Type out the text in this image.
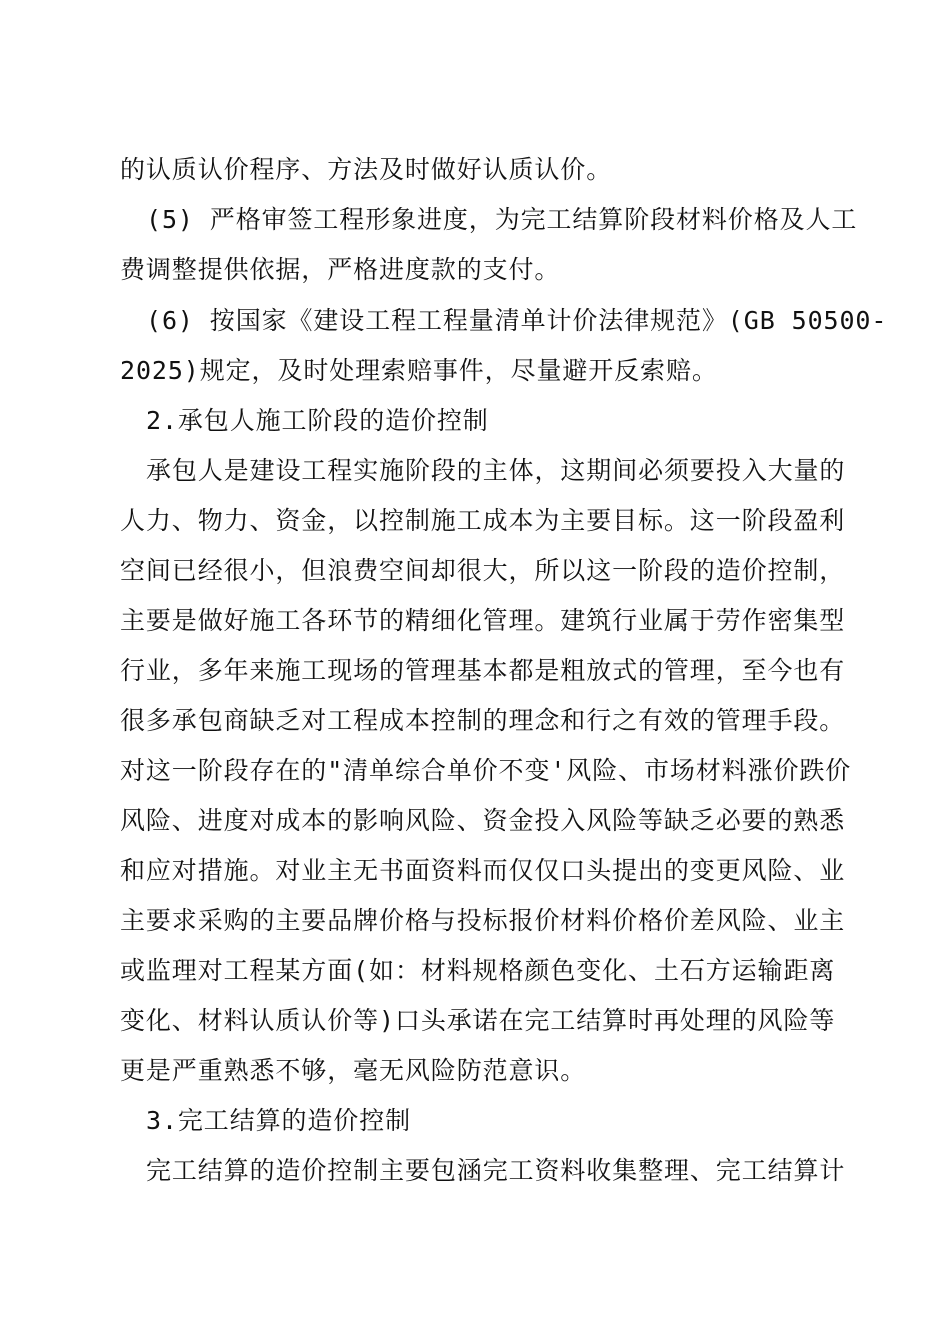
的认质认价程序、方法及时做好认质认价。
(5) 严格审签工程形象进度，为完工结算阶段材料价格及人工
费调整提供依据，严格进度款的支付。
(6) 按国家《建设工程工程量清单计价法律规范》(GB 50500-
2025)规定，及时处理索赔事件，尽量避开反索赔。
2.承包人施工阶段的造价控制
承包人是建设工程实施阶段的主体，这期间必须要投入大量的
人力、物力、资金，以控制施工成本为主要目标。这一阶段盈利
空间已经很小，但浪费空间却很大，所以这一阶段的造价控制，
主要是做好施工各环节的精细化管理。建筑行业属于劳作密集型
行业，多年来施工现场的管理基本都是粗放式的管理，至今也有
很多承包商缺乏对工程成本控制的理念和行之有效的管理手段。
对这一阶段存在的"清单综合单价不变'风险、市场材料涨价跌价
风险、进度对成本的影响风险、资金投入风险等缺乏必要的熟悉
和应对措施。对业主无书面资料而仅仅口头提出的变更风险、业
主要求采购的主要品牌价格与投标报价材料价格价差风险、业主
或监理对工程某方面(如：材料规格颜色变化、土石方运输距离
变化、材料认质认价等)口头承诺在完工结算时再处理的风险等
更是严重熟悉不够，毫无风险防范意识。
3.完工结算的造价控制
完工结算的造价控制主要包涵完工资料收集整理、完工结算计
